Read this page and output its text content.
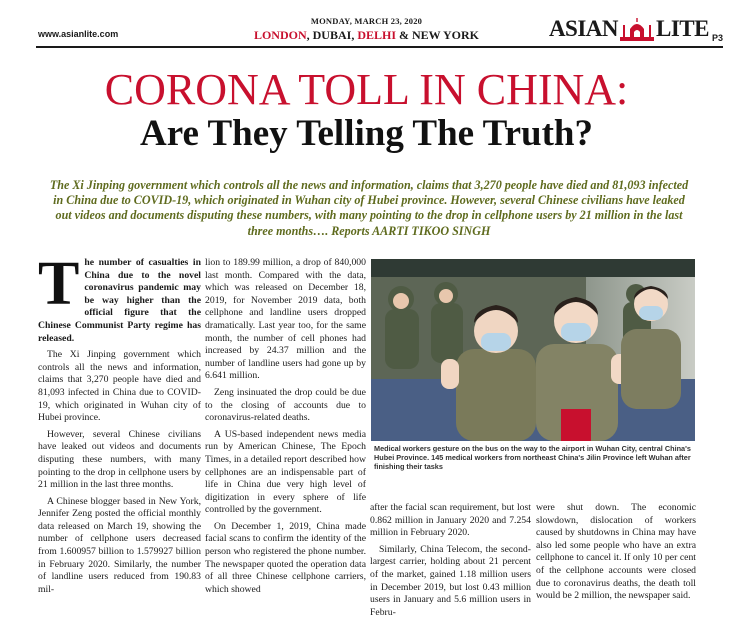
www.asianlite.com
MONDAY, MARCH 23, 2020
LONDON, DUBAI, DELHI & NEW YORK	ASIAN LITE P3
CORONA TOLL IN CHINA:
Are They Telling The Truth?
The Xi Jinping government which controls all the news and information, claims that 3,270 people have died and 81,093 infected in China due to COVID-19, which originated in Wuhan city of Hubei province. However, several Chinese civilians have leaked out videos and documents disputing these numbers, with many pointing to the drop in cellphone users by 21 million in the last three months…. Reports AARTI TIKOO SINGH

The number of casualties in China due to the novel coronavirus pandemic may be way higher than the official figure that the Chinese Communist Party regime has released.

The Xi Jinping government which controls all the news and information, claims that 3,270 people have died and 81,093 infected in China due to COVID-19, which originated in Wuhan city of Hubei province.

However, several Chinese civilians have leaked out videos and documents disputing these numbers, with many pointing to the drop in cellphone users by 21 million in the last three months.

A Chinese blogger based in New York, Jennifer Zeng posted the official monthly data released on March 19, showing the number of cellphone users decreased from 1.600957 billion to 1.579927 billion in February 2020. Similarly, the number of landline users reduced from 190.83 mil-

lion to 189.99 million, a drop of 840,000 last month. Compared with the data, which was released on December 18, 2019, for November 2019 data, both cellphone and landline users dropped dramatically. Last year too, for the same month, the number of cell phones had increased by 24.37 million and the number of landline users had gone up by 6.641 million.

Zeng insinuated the drop could be due to the closing of accounts due to coronavirus-related deaths.

A US-based independent news media run by American Chinese, The Epoch Times, in a detailed report described how cellphones are an indispensable part of life in China due very high level of digitization in every sphere of life controlled by the government.

On December 1, 2019, China made facial scans to confirm the identity of the person who registered the phone number. The newspaper quoted the operation data of all three Chinese cellphone carriers, which showed

Medical workers gesture on the bus on the way to the airport in Wuhan City, central China's Hubei Province. 145 medical workers from northeast China's Jilin Province left Wuhan after finishing their tasks

after the facial scan requirement, but lost 0.862 million in January 2020 and 7.254 million in February 2020.

Similarly, China Telecom, the second-largest carrier, holding about 21 percent of the market, gained 1.18 million users in December 2019, but lost 0.43 million users in January and 5.6 million users in Febru-

were shut down. The economic slowdown, dislocation of workers caused by shutdowns in China may have also led some people who have an extra cellphone to cancel it. If only 10 per cent of the cellphone accounts were closed due to coronavirus deaths, the death toll would be 2 million, the newspaper said.
